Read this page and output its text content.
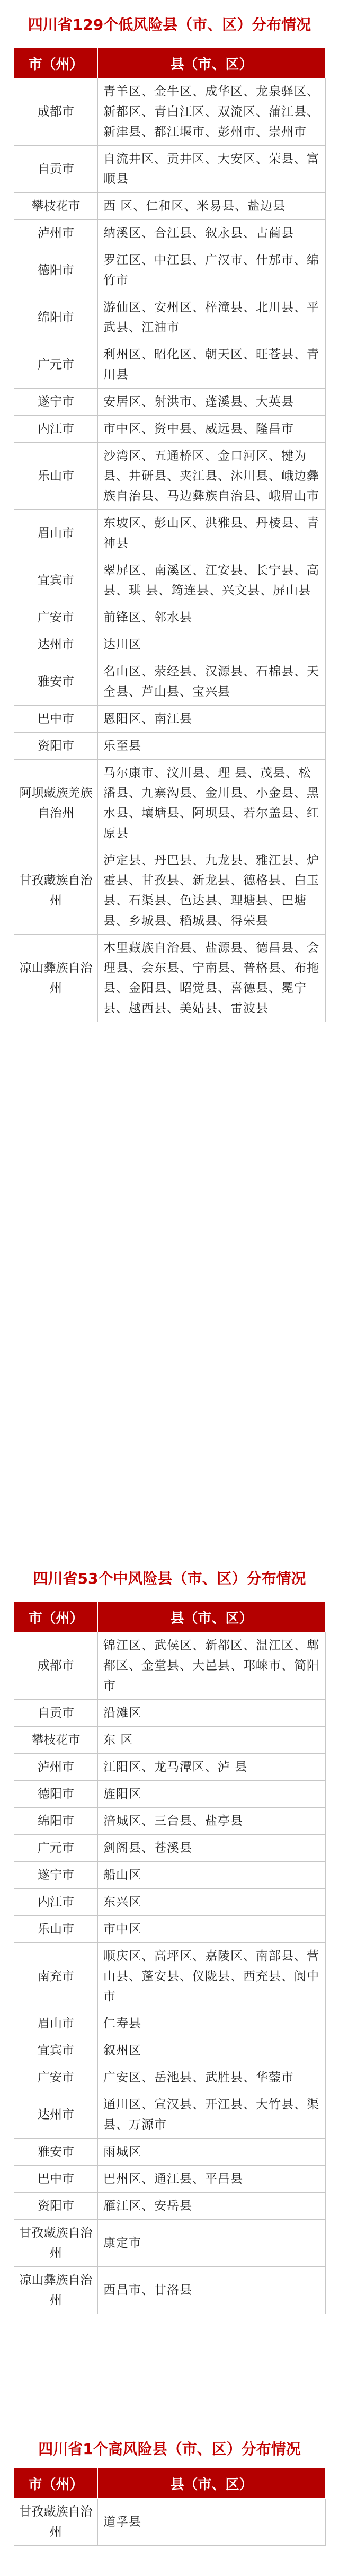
四川省129个低风险县（市、区）分布情况
市（州）	县（市、区）
成都市	青羊区、金牛区、成华区、龙泉驿区、新都区、青白江区、双流区、蒲江县、新津县、都江堰市、彭州市、崇州市
自贡市	自流井区、贡井区、大安区、荣县、富顺县
攀枝花市	西 区、仁和区、米易县、盐边县
泸州市	纳溪区、合江县、叙永县、古蔺县
德阳市	罗江区、中江县、广汉市、什邡市、绵竹市
绵阳市	游仙区、安州区、梓潼县、北川县、平武县、江油市
广元市	利州区、昭化区、朝天区、旺苍县、青川县
遂宁市	安居区、射洪市、蓬溪县、大英县
内江市	市中区、资中县、威远县、隆昌市
乐山市	沙湾区、五通桥区、金口河区、犍为县、井研县、夹江县、沐川县、峨边彝族自治县、马边彝族自治县、峨眉山市
眉山市	东坡区、彭山区、洪雅县、丹棱县、青神县
宜宾市	翠屏区、南溪区、江安县、长宁县、高 县、珙 县、筠连县、兴文县、屏山县
广安市	前锋区、邻水县
达州市	达川区
雅安市	名山区、荥经县、汉源县、石棉县、天全县、芦山县、宝兴县
巴中市	恩阳区、南江县
资阳市	乐至县
阿坝藏族羌族自治州	马尔康市、汶川县、理 县、茂县、松潘县、九寨沟县、金川县、小金县、黑水县、壤塘县、阿坝县、若尔盖县、红原县
甘孜藏族自治州	泸定县、丹巴县、九龙县、雅江县、炉霍县、甘孜县、新龙县、德格县、白玉县、石渠县、色达县、理塘县、巴塘县、乡城县、稻城县、得荣县
凉山彝族自治州	木里藏族自治县、盐源县、德昌县、会理县、会东县、宁南县、普格县、布拖县、金阳县、昭觉县、喜德县、冕宁县、越西县、美姑县、雷波县
四川省53个中风险县（市、区）分布情况
市（州）	县（市、区）
成都市	锦江区、武侯区、新都区、温江区、郫都区、金堂县、大邑县、邛崃市、简阳市
自贡市	沿滩区
攀枝花市	东 区
泸州市	江阳区、龙马潭区、泸 县
德阳市	旌阳区
绵阳市	涪城区、三台县、盐亭县
广元市	剑阁县、苍溪县
遂宁市	船山区
内江市	东兴区
乐山市	市中区
南充市	顺庆区、高坪区、嘉陵区、南部县、营山县、蓬安县、仪陇县、西充县、阆中市
眉山市	仁寿县
宜宾市	叙州区
广安市	广安区、岳池县、武胜县、华蓥市
达州市	通川区、宣汉县、开江县、大竹县、渠 县、万源市
雅安市	雨城区
巴中市	巴州区、通江县、平昌县
资阳市	雁江区、安岳县
甘孜藏族自治州	康定市
凉山彝族自治州	西昌市、甘洛县
四川省1个高风险县（市、区）分布情况
市（州）	县（市、区）
甘孜藏族自治州	道孚县
